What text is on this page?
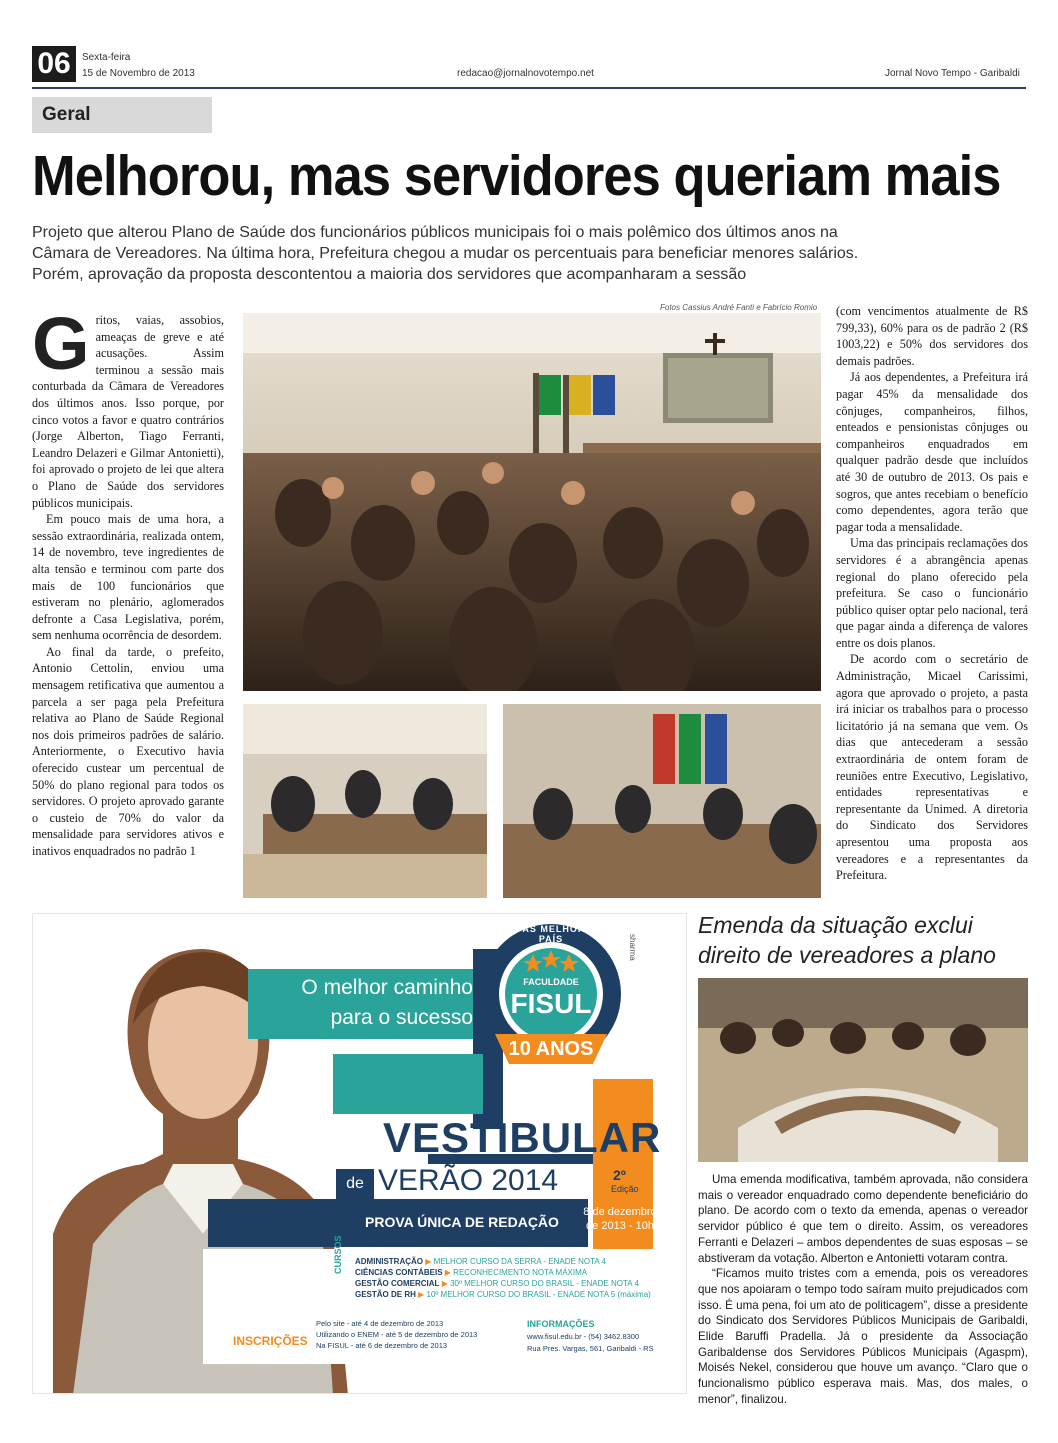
06	Sexta-feira
15 de Novembro de 2013	redacao@jornalnovotempo.net	Jornal Novo Tempo - Garibaldi
Geral
Melhorou, mas servidores queriam mais
Projeto que alterou Plano de Saúde dos funcionários públicos municipais foi o mais polêmico dos últimos anos na Câmara de Vereadores. Na última hora, Prefeitura chegou a mudar os percentuais para beneficiar menores salários. Porém, aprovação da proposta descontentou a maioria dos servidores que acompanharam a sessão

Gritos, vaias, assobios, ameaças de greve e até acusações. Assim terminou a sessão mais conturbada da Câmara de Vereadores dos últimos anos. Isso porque, por cinco votos a favor e quatro contrários (Jorge Alberton, Tiago Ferranti, Leandro Delazeri e Gilmar Antonietti), foi aprovado o projeto de lei que altera o Plano de Saúde dos servidores públicos municipais.

Em pouco mais de uma hora, a sessão extraordinária, realizada ontem, 14 de novembro, teve ingredientes de alta tensão e terminou com parte dos mais de 100 funcionários que estiveram no plenário, aglomerados defronte a Casa Legislativa, porém, sem nenhuma ocorrência de desordem.

Ao final da tarde, o prefeito, Antonio Cettolin, enviou uma mensagem retificativa que aumentou a parcela a ser paga pela Prefeitura relativa ao Plano de Saúde Regional nos dois primeiros padrões de salário. Anteriormente, o Executivo havia oferecido custear um percentual de 50% do plano regional para todos os servidores. O projeto aprovado garante o custeio de 70% do valor da mensalidade para servidores ativos e inativos enquadrados no padrão 1

Fotos Cassius André Fanti e Fabrício Romio (com vencimentos atualmente de R$ 799,33), 60% para os de padrão 2 (R$ 1003,22) e 50% dos servidores dos demais padrões.

Já aos dependentes, a Prefeitura irá pagar 45% da mensalidade dos cônjuges, companheiros, filhos, enteados e pensionistas cônjuges ou companheiros enquadrados em qualquer padrão desde que incluídos até 30 de outubro de 2013. Os pais e sogros, que antes recebiam o benefício como dependentes, agora terão que pagar toda a mensalidade.

Uma das principais reclamações dos servidores é a abrangência apenas regional do plano oferecido pela prefeitura. Se caso o funcionário público quiser optar pelo nacional, terá que pagar ainda a diferença de valores entre os dois planos.

De acordo com o secretário de Administração, Micael Carissimi, agora que aprovado o projeto, a pasta irá iniciar os trabalhos para o processo licitatório já na semana que vem. Os dias que antecederam a sessão extraordinária de ontem foram de reuniões entre Executivo, Legislativo, entidades representativas e representante da Unimed. A diretoria do Sindicato dos Servidores apresentou uma proposta aos vereadores e a representantes da Prefeitura.

O melhor caminho
para o sucesso
ENTRE AS MELHORES DO PAÍS
FACULDADE
FISUL
10 ANOS
sharma
VESTIBULAR
de VERÃO 2014	2º
Edição
PROVA ÚNICA DE REDAÇÃO
8 de dezembro
de 2013 - 10h
CURSOS ADMINISTRAÇÃO ▶ MELHOR CURSO DA SERRA - ENADE NOTA 4
CIÊNCIAS CONTÁBEIS ▶ RECONHECIMENTO NOTA MÁXIMA
GESTÃO COMERCIAL ▶ 30º MELHOR CURSO DO BRASIL - ENADE NOTA 4
GESTÃO DE RH ▶ 10º MELHOR CURSO DO BRASIL - ENADE NOTA 5 (máxima)
INSCRIÇÕES
Pelo site - até 4 de dezembro de 2013
Utilizando o ENEM - até 5 de dezembro de 2013
Na FISUL - até 6 de dezembro de 2013
INFORMAÇÕES
www.fisul.edu.br - (54) 3462.8300
Rua Pres. Vargas, 561, Garibaldi - RS
Emenda da situação exclui direito de vereadores a plano

Uma emenda modificativa, também aprovada, não considera mais o vereador enquadrado como dependente beneficiário do plano. De acordo com o texto da emenda, apenas o vereador servidor público é que tem o direito. Assim, os vereadores Ferranti e Delazeri – ambos dependentes de suas esposas – se abstiveram da votação. Alberton e Antonietti votaram contra.

“Ficamos muito tristes com a emenda, pois os vereadores que nos apoiaram o tempo todo saíram muito prejudicados com isso. É uma pena, foi um ato de politicagem”, disse a presidente do Sindicato dos Servidores Públicos Municipais de Garibaldi, Elide Baruffi Pradella. Já o presidente da Associação Garibaldense dos Servidores Públicos Municipais (Agaspm), Moisés Nekel, considerou que houve um avanço. “Claro que o funcionalismo público esperava mais. Mas, dos males, o menor”, finalizou.
